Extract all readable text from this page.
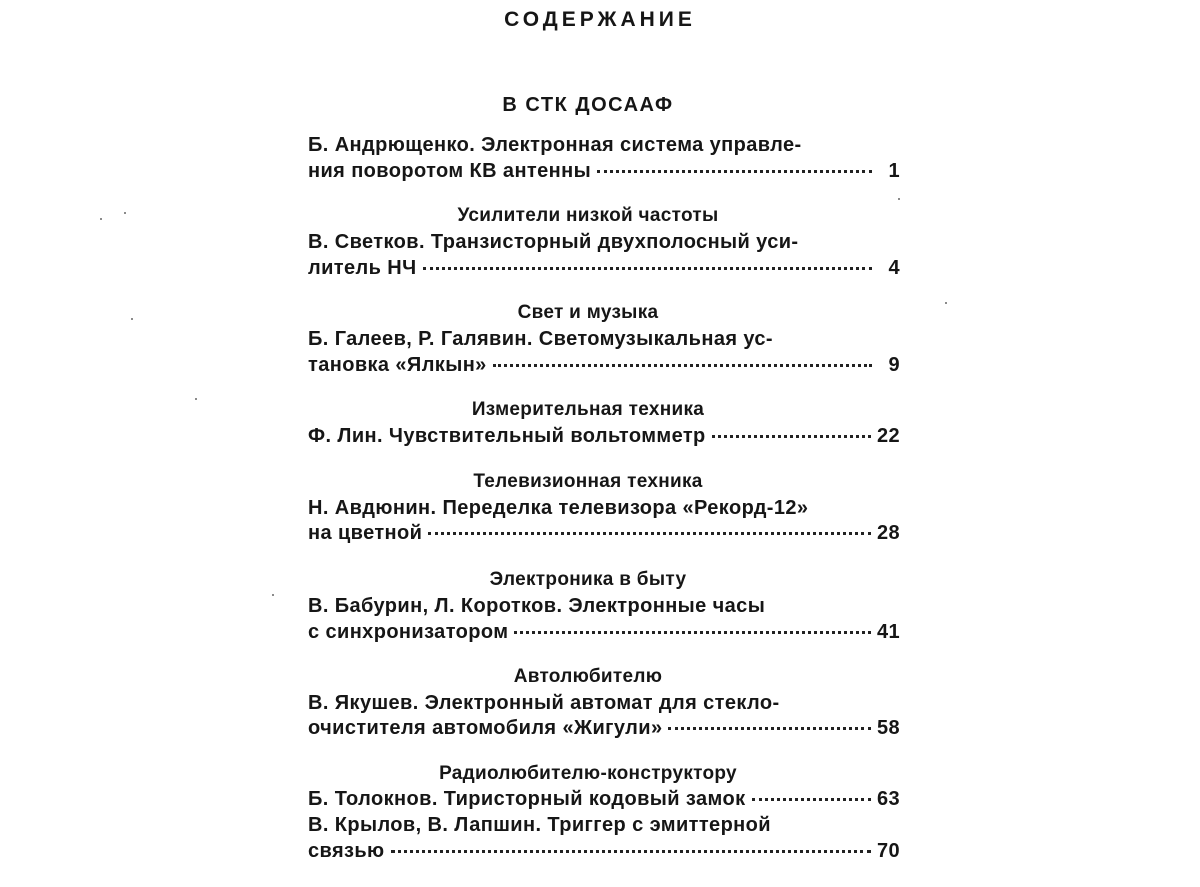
СОДЕРЖАНИЕ
В СТК ДОСААФ
Б. Андрющенко. Электронная система управле-
ния поворотом КВ антенны	1
Усилители низкой частоты
В. Светков. Транзисторный двухполосный уси-
литель НЧ	4
Свет и музыка
Б. Галеев, Р. Галявин. Светомузыкальная ус-
тановка «Ялкын»	9
Измерительная техника
Ф. Лин. Чувствительный вольтомметр	22
Телевизионная техника
Н. Авдюнин. Переделка телевизора «Рекорд-12»
на цветной	28
Электроника в быту
В. Бабурин, Л. Коротков. Электронные часы
с синхронизатором	41
Автолюбителю
В. Якушев. Электронный автомат для стекло-
очистителя автомобиля «Жигули»	58
Радиолюбителю-конструктору
Б. Толокнов. Тиристорный кодовый замок	63
В. Крылов, В. Лапшин. Триггер с эмиттерной
связью	70
